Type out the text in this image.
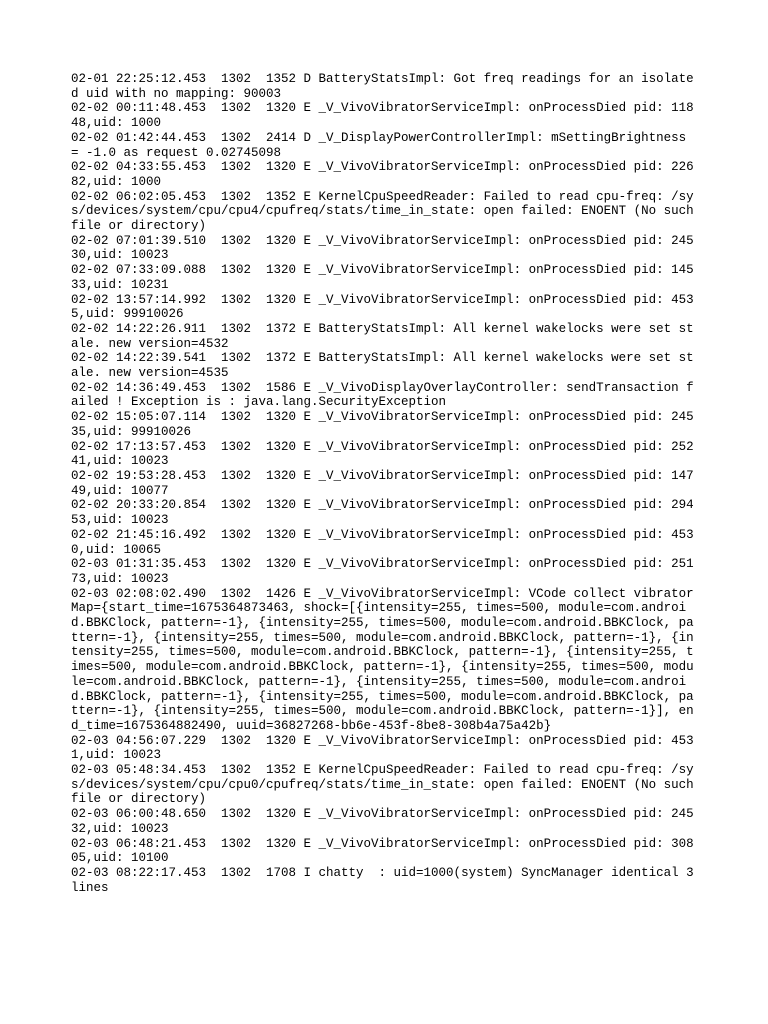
02-01 22:25:12.453  1302  1352 D BatteryStatsImpl: Got freq readings for an isolated uid with no mapping: 90003
02-02 00:11:48.453  1302  1320 E _V_VivoVibratorServiceImpl: onProcessDied pid: 11848,uid: 1000
02-02 01:42:44.453  1302  2414 D _V_DisplayPowerControllerImpl: mSettingBrightness = -1.0 as request 0.02745098
02-02 04:33:55.453  1302  1320 E _V_VivoVibratorServiceImpl: onProcessDied pid: 22682,uid: 1000
02-02 06:02:05.453  1302  1352 E KernelCpuSpeedReader: Failed to read cpu-freq: /sys/devices/system/cpu/cpu4/cpufreq/stats/time_in_state: open failed: ENOENT (No such file or directory)
02-02 07:01:39.510  1302  1320 E _V_VivoVibratorServiceImpl: onProcessDied pid: 24530,uid: 10023
02-02 07:33:09.088  1302  1320 E _V_VivoVibratorServiceImpl: onProcessDied pid: 14533,uid: 10231
02-02 13:57:14.992  1302  1320 E _V_VivoVibratorServiceImpl: onProcessDied pid: 4535,uid: 99910026
02-02 14:22:26.911  1302  1372 E BatteryStatsImpl: All kernel wakelocks were set stale. new version=4532
02-02 14:22:39.541  1302  1372 E BatteryStatsImpl: All kernel wakelocks were set stale. new version=4535
02-02 14:36:49.453  1302  1586 E _V_VivoDisplayOverlayController: sendTransaction failed ! Exception is : java.lang.SecurityException
02-02 15:05:07.114  1302  1320 E _V_VivoVibratorServiceImpl: onProcessDied pid: 24535,uid: 99910026
02-02 17:13:57.453  1302  1320 E _V_VivoVibratorServiceImpl: onProcessDied pid: 25241,uid: 10023
02-02 19:53:28.453  1302  1320 E _V_VivoVibratorServiceImpl: onProcessDied pid: 14749,uid: 10077
02-02 20:33:20.854  1302  1320 E _V_VivoVibratorServiceImpl: onProcessDied pid: 29453,uid: 10023
02-02 21:45:16.492  1302  1320 E _V_VivoVibratorServiceImpl: onProcessDied pid: 4530,uid: 10065
02-03 01:31:35.453  1302  1320 E _V_VivoVibratorServiceImpl: onProcessDied pid: 25173,uid: 10023
02-03 02:08:02.490  1302  1426 E _V_VivoVibratorServiceImpl: VCode collect vibrator Map={start_time=1675364873463, shock=[{intensity=255, times=500, module=com.android.BBKClock, pattern=-1}, {intensity=255, times=500, module=com.android.BBKClock, pattern=-1}, {intensity=255, times=500, module=com.android.BBKClock, pattern=-1}, {intensity=255, times=500, module=com.android.BBKClock, pattern=-1}, {intensity=255, times=500, module=com.android.BBKClock, pattern=-1}, {intensity=255, times=500, module=com.android.BBKClock, pattern=-1}, {intensity=255, times=500, module=com.android.BBKClock, pattern=-1}, {intensity=255, times=500, module=com.android.BBKClock, pattern=-1}, {intensity=255, times=500, module=com.android.BBKClock, pattern=-1}], end_time=1675364882490, uuid=36827268-bb6e-453f-8be8-308b4a75a42b}
02-03 04:56:07.229  1302  1320 E _V_VivoVibratorServiceImpl: onProcessDied pid: 4531,uid: 10023
02-03 05:48:34.453  1302  1352 E KernelCpuSpeedReader: Failed to read cpu-freq: /sys/devices/system/cpu/cpu0/cpufreq/stats/time_in_state: open failed: ENOENT (No such file or directory)
02-03 06:00:48.650  1302  1320 E _V_VivoVibratorServiceImpl: onProcessDied pid: 24532,uid: 10023
02-03 06:48:21.453  1302  1320 E _V_VivoVibratorServiceImpl: onProcessDied pid: 30805,uid: 10100
02-03 08:22:17.453  1302  1708 I chatty  : uid=1000(system) SyncManager identical 3 lines
